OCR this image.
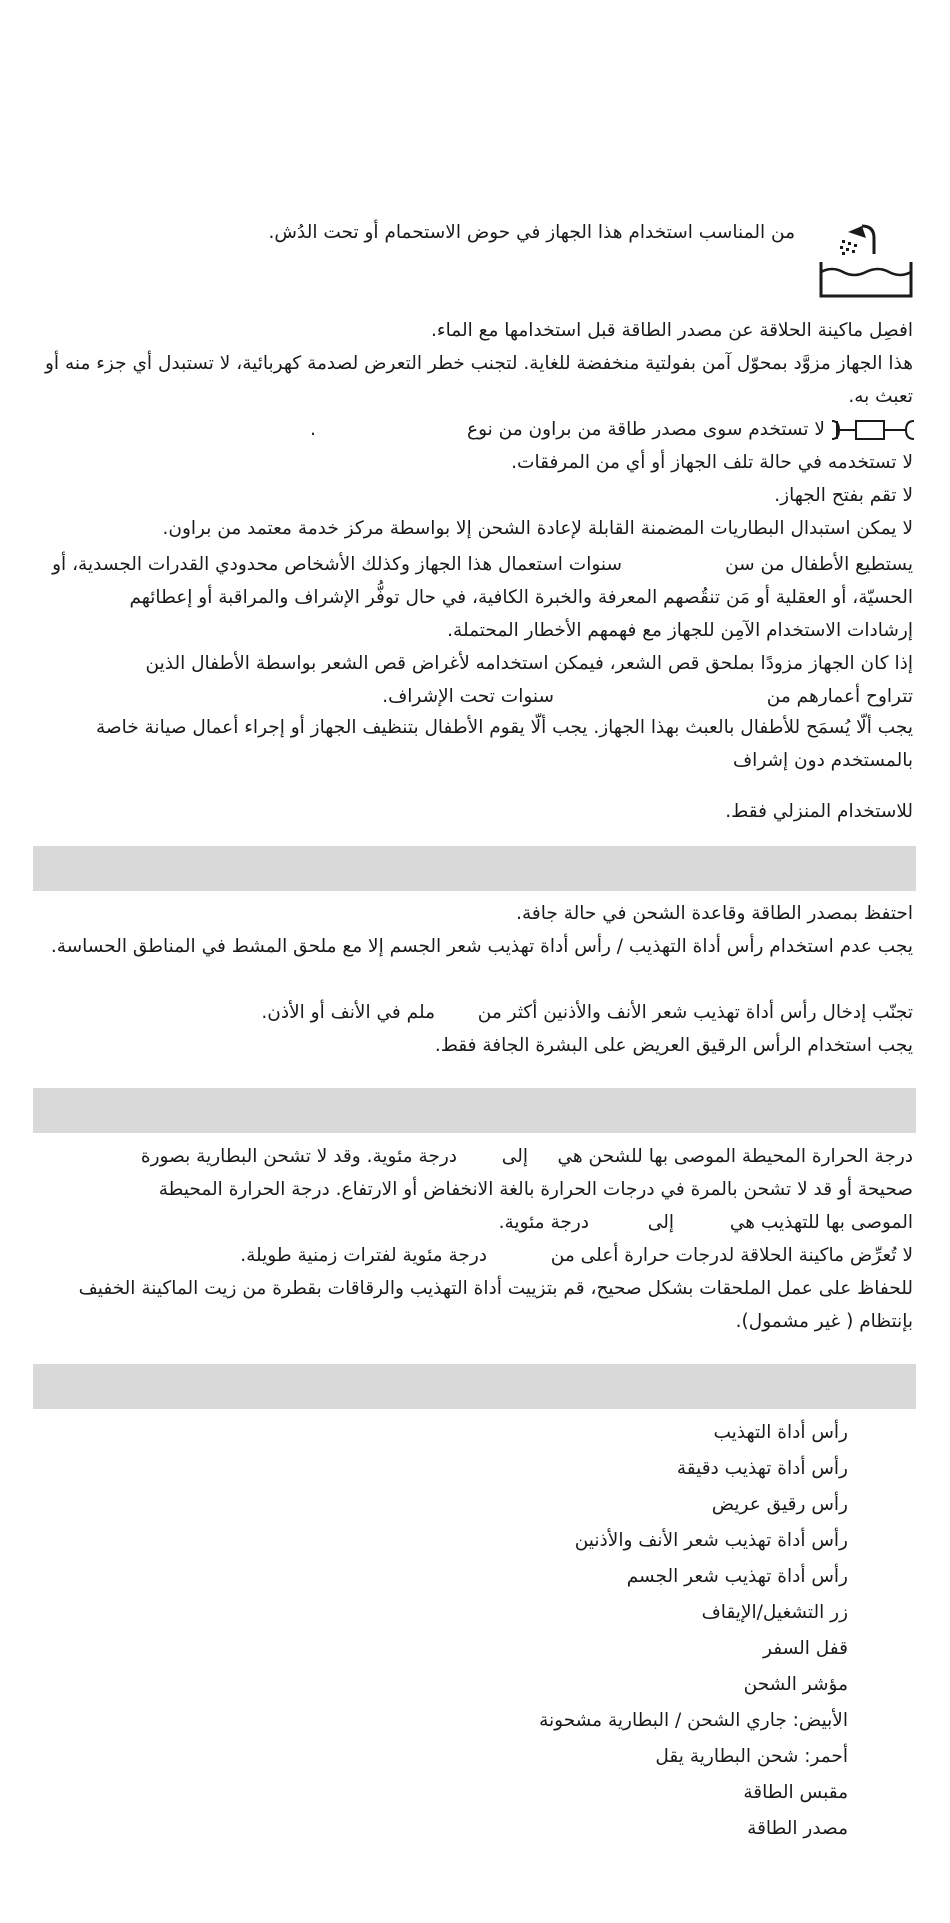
من المناسب استخدام هذا الجهاز في حوض الاستحمام أو تحت الدُش.
افصِل ماكينة الحلاقة عن مصدر الطاقة قبل استخدامها مع الماء.
هذا الجهاز مزوَّد بمحوّل آمن بفولتية منخفضة للغاية. لتجنب خطر التعرض لصدمة كهربائية، لا تستبدل أي جزء منه أو تعبث به.
لا تستخدم سوى مصدر طاقة من براون من نوع
.
لا تستخدمه في حالة تلف الجهاز أو أي من المرفقات.
لا تقم بفتح الجهاز.
لا يمكن استبدال البطاريات المضمنة القابلة لإعادة الشحن إلا بواسطة مركز خدمة معتمد من براون.
يستطيع الأطفال من سن
سنوات استعمال هذا الجهاز وكذلك الأشخاص محدودي القدرات الجسدية، أو
الحسيّة، أو العقلية أو مَن تنقُصهم المعرفة والخبرة الكافية، في حال توفُّر الإشراف والمراقبة أو إعطائهم
إرشادات الاستخدام الآمِن للجهاز مع فهمهم الأخطار المحتملة.
إذا كان الجهاز مزودًا بملحق قص الشعر، فيمكن استخدامه لأغراض قص الشعر بواسطة الأطفال الذين
تتراوح أعمارهم من
سنوات تحت الإشراف.
يجب ألّا يُسمَح للأطفال بالعبث بهذا الجهاز. يجب ألّا يقوم الأطفال بتنظيف الجهاز أو إجراء أعمال صيانة خاصة بالمستخدم دون إشراف
للاستخدام المنزلي فقط.
احتفظ بمصدر الطاقة وقاعدة الشحن في حالة جافة.
يجب عدم استخدام رأس أداة التهذيب / رأس أداة تهذيب شعر الجسم إلا مع ملحق المشط في المناطق الحساسة.
تجنّب إدخال رأس أداة تهذيب شعر الأنف والأذنين أكثر من
ملم في الأنف أو الأذن.
يجب استخدام الرأس الرقيق العريض على البشرة الجافة فقط.
درجة الحرارة المحيطة الموصى بها للشحن هي
إلى
درجة مئوية. وقد لا تشحن البطارية بصورة
صحيحة أو قد لا تشحن بالمرة في درجات الحرارة بالغة الانخفاض أو الارتفاع. درجة الحرارة المحيطة
الموصى بها للتهذيب هي
إلى
درجة مئوية.
لا تُعرِّض ماكينة الحلاقة لدرجات حرارة أعلى من
درجة مئوية لفترات زمنية طويلة.
للحفاظ على عمل الملحقات بشكل صحيح، قم بتزييت أداة التهذيب والرقاقات بقطرة من زيت الماكينة الخفيف بإنتظام ( غير مشمول).
رأس أداة التهذيب
رأس أداة تهذيب دقيقة
رأس رقيق عريض
رأس أداة تهذيب شعر الأنف والأذنين
رأس أداة تهذيب شعر الجسم
زر التشغيل/الإيقاف
قفل السفر
مؤشر الشحن
الأبيض: جاري الشحن / البطارية مشحونة
أحمر: شحن البطارية يقل
مقبس الطاقة
مصدر الطاقة
